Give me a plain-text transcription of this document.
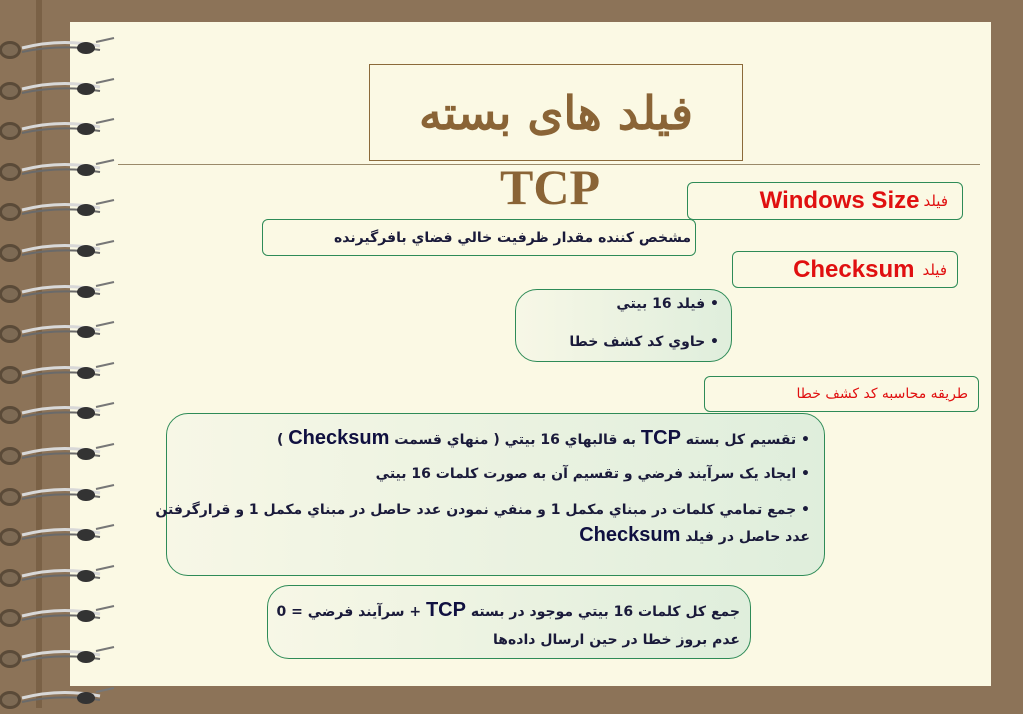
فیلد های بسته
TCP	فیلد
Windows Size
مشخص کننده مقدار ظرفیت خالي فضاي بافرگیرنده
فیلد
Checksum

• فیلد 16 بیتي

• حاوي کد کشف خطا

طریقه محاسبه کد کشف خطا

• تقسیم کل بسته TCP به قالبهاي 16 بیتي ( منهاي قسمت Checksum )

• ایجاد یک سرآیند فرضي و تقسیم آن به صورت کلمات 16 بیتي

• جمع تمامي کلمات در مبناي مکمل 1 و منفي نمودن عدد حاصل در مبناي مکمل 1 و قرارگرفتن

عدد حاصل در فیلد Checksum

جمع کل کلمات 16 بیتي موجود در بسته TCP + سرآیند فرضي = 0

عدم بروز خطا در حین ارسال داده‌ها
